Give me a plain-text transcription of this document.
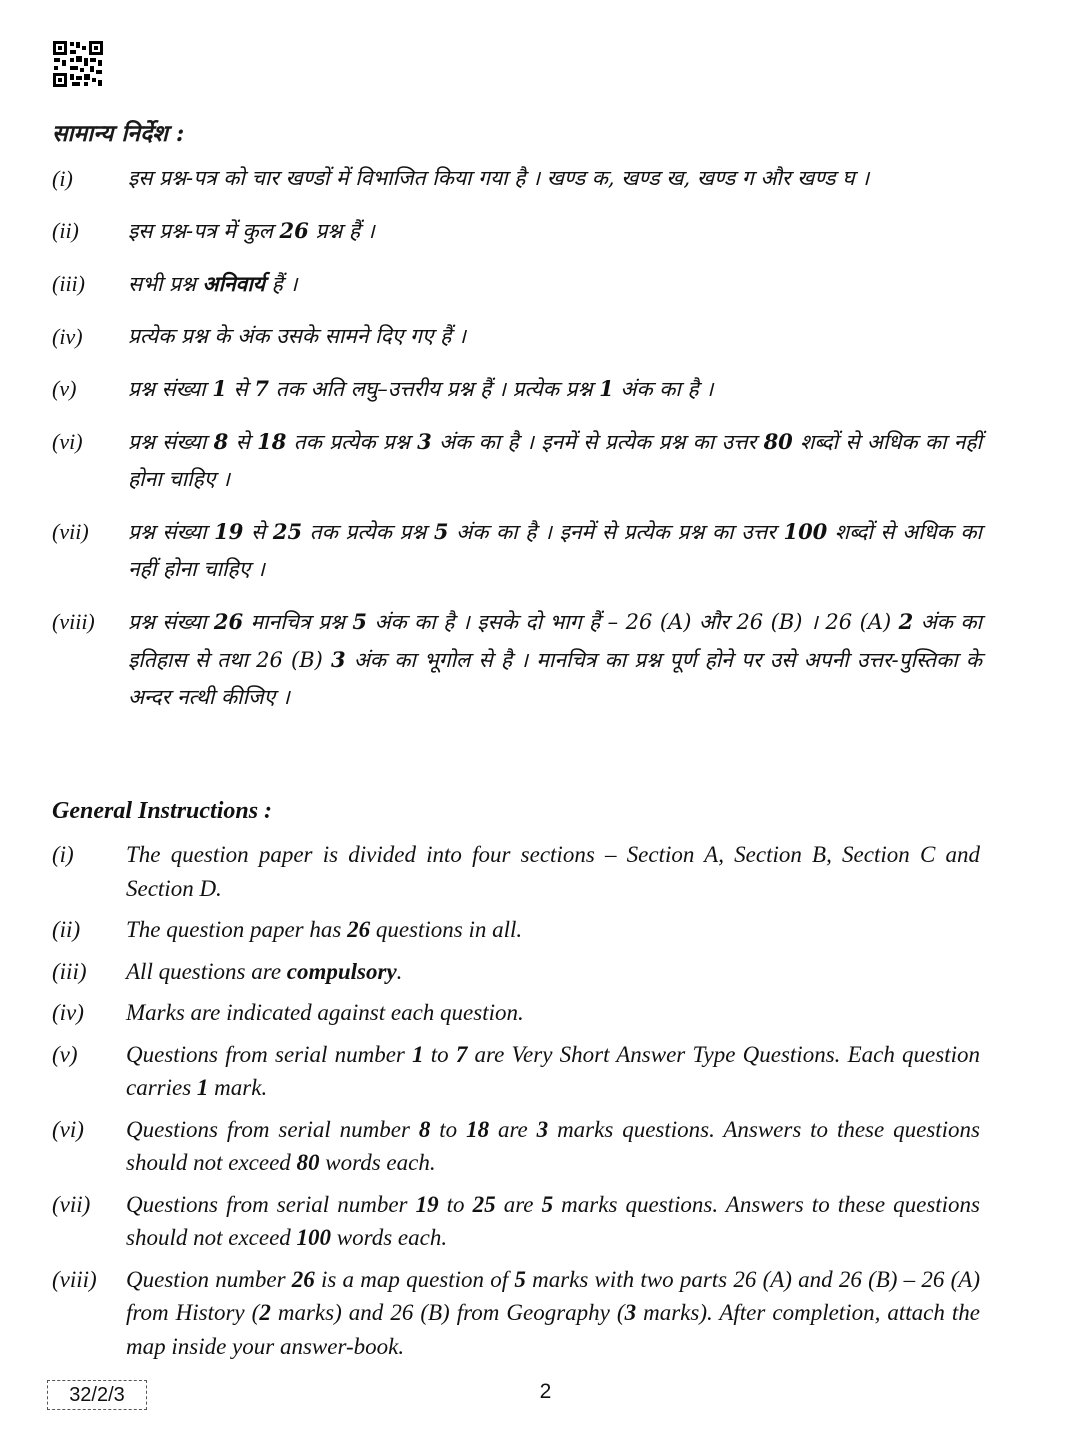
सामान्य निर्देश :
(i)	इस प्रश्न-पत्र को चार खण्डों में विभाजित किया गया है । खण्ड क, खण्ड ख, खण्ड ग और खण्ड घ ।
(ii)	इस प्रश्न-पत्र में कुल 26 प्रश्न हैं ।
(iii)	सभी प्रश्न अनिवार्य हैं ।
(iv)	प्रत्येक प्रश्न के अंक उसके सामने दिए गए हैं ।
(v)	प्रश्न संख्या 1 से 7 तक अति लघु–उत्तरीय प्रश्न हैं । प्रत्येक प्रश्न 1 अंक का है ।
(vi)	प्रश्न संख्या 8 से 18 तक प्रत्येक प्रश्न 3 अंक का है । इनमें से प्रत्येक प्रश्न का उत्तर 80 शब्दों से अधिक का नहीं होना चाहिए ।
(vii)	प्रश्न संख्या 19 से 25 तक प्रत्येक प्रश्न 5 अंक का है । इनमें से प्रत्येक प्रश्न का उत्तर 100 शब्दों से अधिक का नहीं होना चाहिए ।
(viii)	प्रश्न संख्या 26 मानचित्र प्रश्न 5 अंक का है । इसके दो भाग हैं – 26 (A) और 26 (B) । 26 (A) 2 अंक का इतिहास से तथा 26 (B) 3 अंक का भूगोल से है । मानचित्र का प्रश्न पूर्ण होने पर उसे अपनी उत्तर-पुस्तिका के अन्दर नत्थी कीजिए ।
General Instructions :
(i)	The question paper is divided into four sections – Section A, Section B, Section C and Section D.
(ii)	The question paper has 26 questions in all.
(iii)	All questions are compulsory.
(iv)	Marks are indicated against each question.
(v)	Questions from serial number 1 to 7 are Very Short Answer Type Questions. Each question carries 1 mark.
(vi)	Questions from serial number 8 to 18 are 3 marks questions. Answers to these questions should not exceed 80 words each.
(vii)	Questions from serial number 19 to 25 are 5 marks questions. Answers to these questions should not exceed 100 words each.
(viii)	Question number 26 is a map question of 5 marks with two parts 26 (A) and 26 (B) – 26 (A) from History (2 marks) and 26 (B) from Geography (3 marks). After completion, attach the map inside your answer-book.
32/2/3	2
